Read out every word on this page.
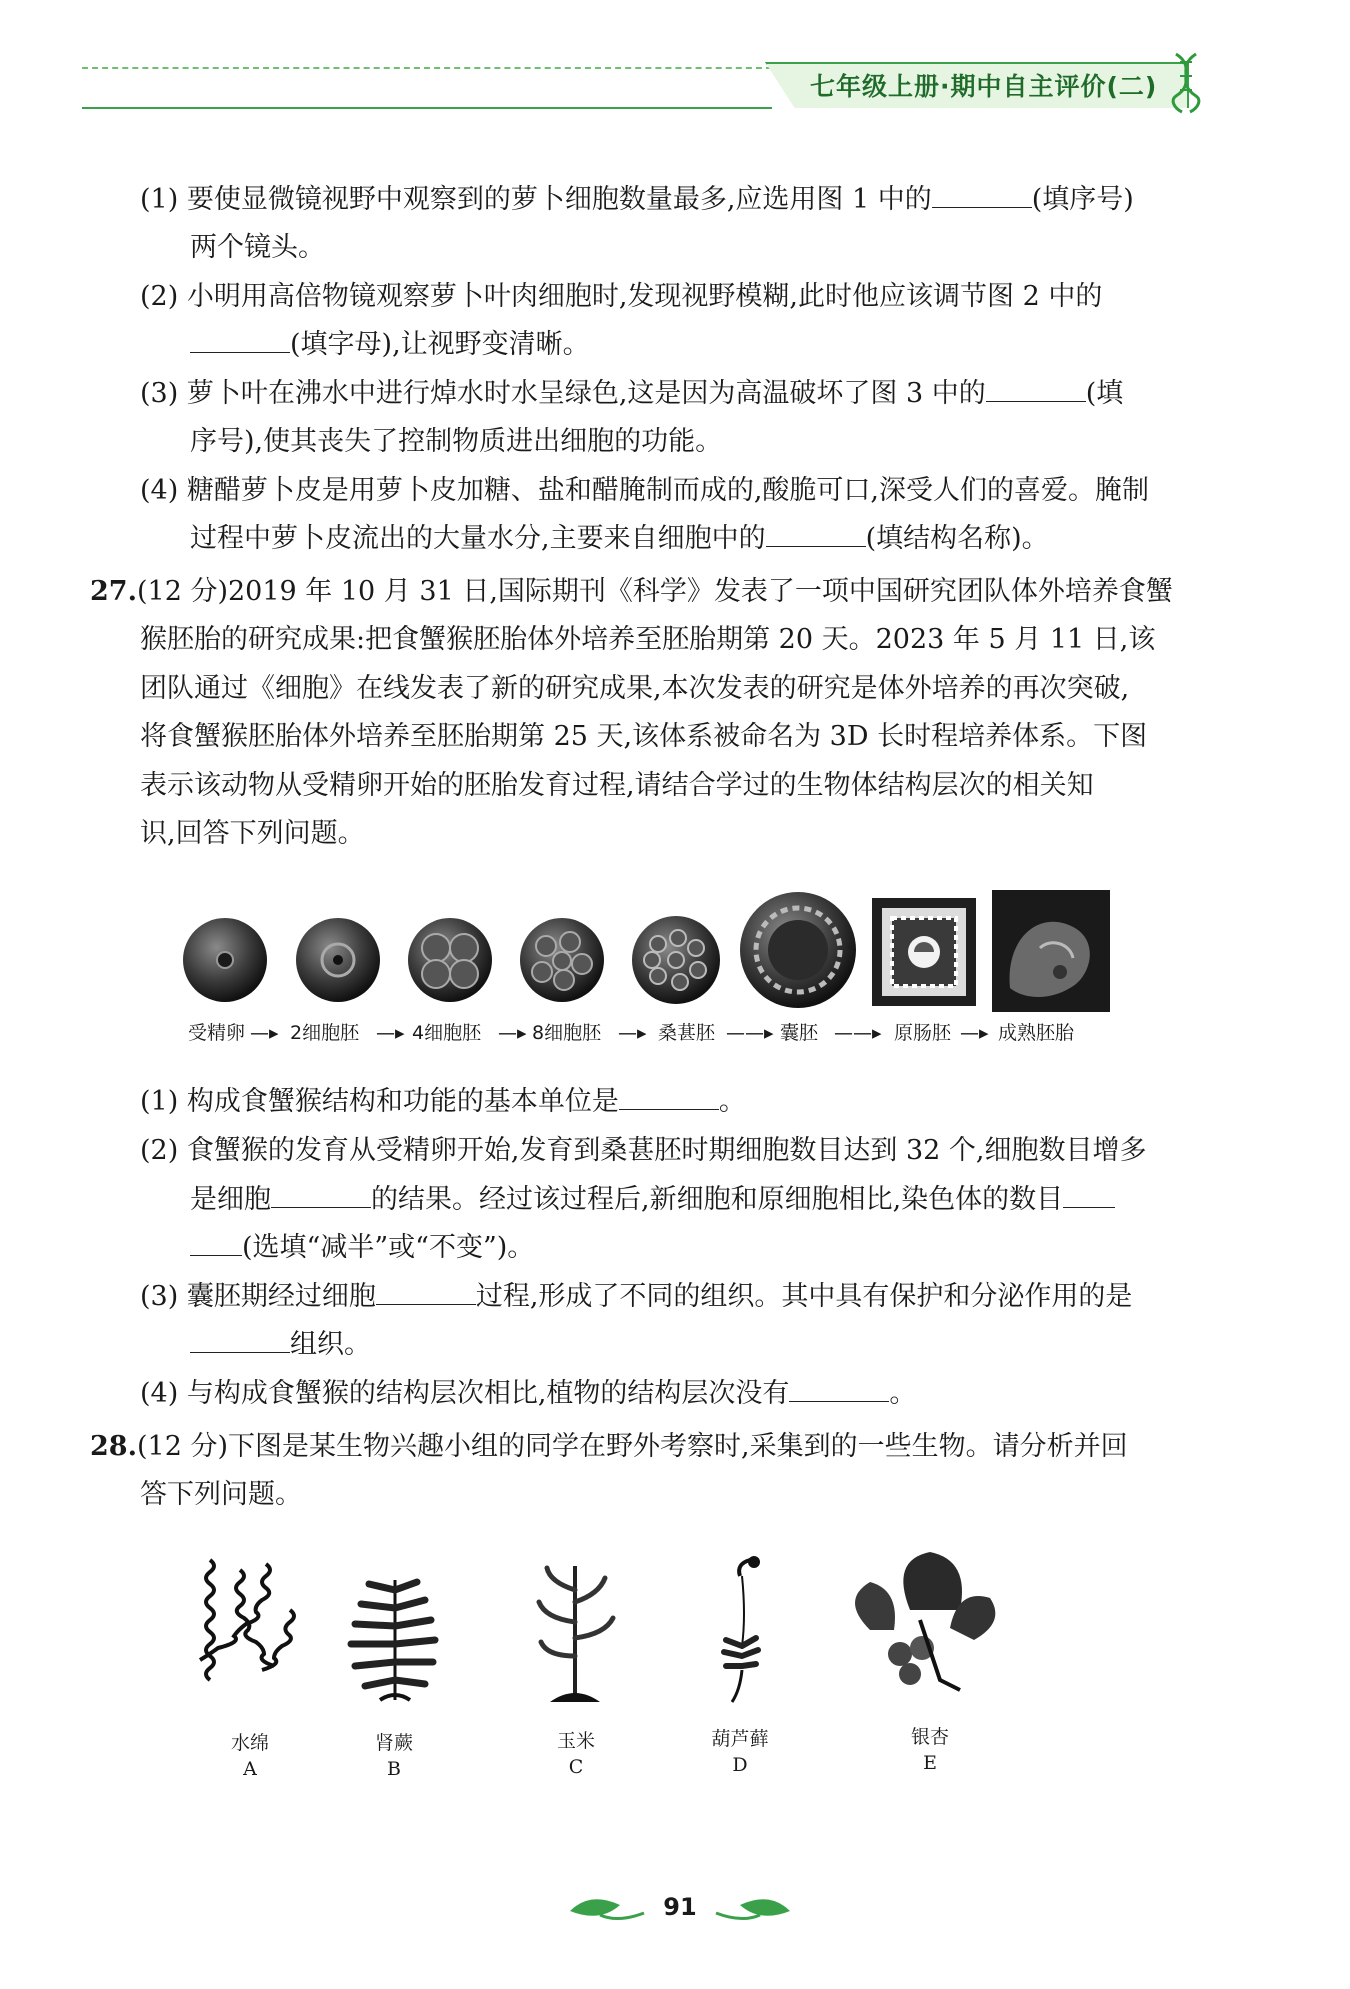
七年级上册·期中自主评价(二)
(1) 要使显微镜视野中观察到的萝卜细胞数量最多,应选用图 1 中的	(填序号)
两个镜头。
(2) 小明用高倍物镜观察萝卜叶肉细胞时,发现视野模糊,此时他应该调节图 2 中的
(填字母),让视野变清晰。
(3) 萝卜叶在沸水中进行焯水时水呈绿色,这是因为高温破坏了图 3 中的	(填
序号),使其丧失了控制物质进出细胞的功能。
(4) 糖醋萝卜皮是用萝卜皮加糖、盐和醋腌制而成的,酸脆可口,深受人们的喜爱。腌制
过程中萝卜皮流出的大量水分,主要来自细胞中的	(填结构名称)。
27.(12 分)2019 年 10 月 31 日,国际期刊《科学》发表了一项中国研究团队体外培养食蟹
猴胚胎的研究成果:把食蟹猴胚胎体外培养至胚胎期第 20 天。2023 年 5 月 11 日,该
团队通过《细胞》在线发表了新的研究成果,本次发表的研究是体外培养的再次突破,
将食蟹猴胚胎体外培养至胚胎期第 25 天,该体系被命名为 3D 长时程培养体系。下图
表示该动物从受精卵开始的胚胎发育过程,请结合学过的生物体结构层次的相关知
识,回答下列问题。
受精卵 —▸ 2细胞胚 —▸ 4细胞胚 —▸ 8细胞胚 —▸ 桑葚胚 ——▸ 囊胚 ——▸ 原肠胚 —▸ 成熟胚胎
(1) 构成食蟹猴结构和功能的基本单位是	。
(2) 食蟹猴的发育从受精卵开始,发育到桑葚胚时期细胞数目达到 32 个,细胞数目增多
是细胞	的结果。经过该过程后,新细胞和原细胞相比,染色体的数目
(选填“减半”或“不变”)。
(3) 囊胚期经过细胞	过程,形成了不同的组织。其中具有保护和分泌作用的是
组织。
(4) 与构成食蟹猴的结构层次相比,植物的结构层次没有	。
28.(12 分)下图是某生物兴趣小组的同学在野外考察时,采集到的一些生物。请分析并回
答下列问题。
水绵
A
肾蕨
B
玉米
C
葫芦藓
D
银杏
E
91
